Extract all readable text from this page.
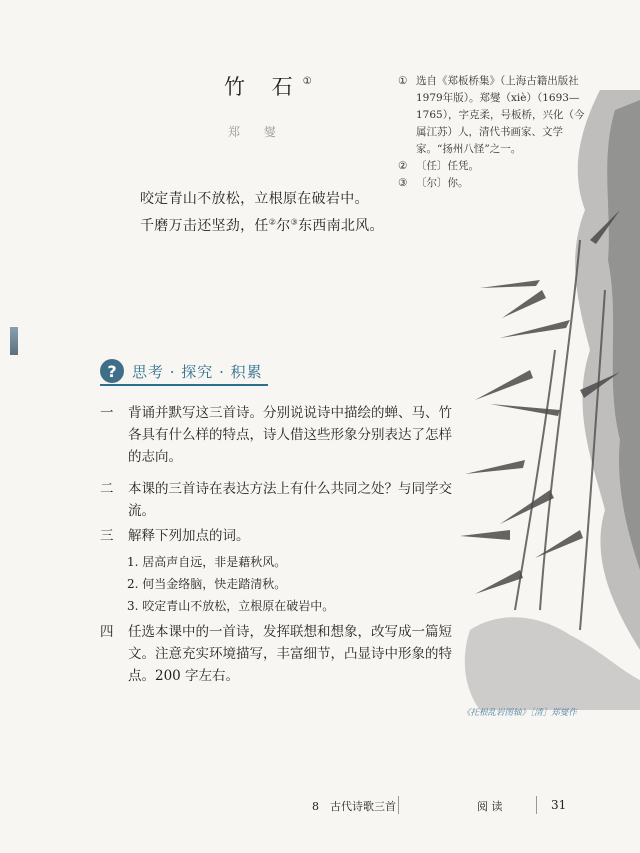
竹 石①
郑 燮
咬定青山不放松，立根原在破岩中。
千磨万击还坚劲，任②尔③东西南北风。
① 选自《郑板桥集》（上海古籍出版社1979年版）。郑燮（xiè）（1693—1765），字克柔，号板桥，兴化（今属江苏）人，清代书画家、文学家。“扬州八怪”之一。
② 〔任〕任凭。
③ 〔尔〕你。
?	思考 · 探究 · 积累
一 背诵并默写这三首诗。分别说说诗中描绘的蝉、马、竹各具有什么样的特点，诗人借这些形象分别表达了怎样的志向。
二 本课的三首诗在表达方法上有什么共同之处？与同学交流。
三 解释下列加点的词。
1. 居高声自远，非是藉秋风。
2. 何当金络脑，快走踏清秋。
3. 咬定青山不放松，立根原在破岩中。
四 任选本课中的一首诗，发挥联想和想象，改写成一篇短文。注意充实环境描写，丰富细节，凸显诗中形象的特点。200 字左右。
《托根乱岩图轴》［清］郑燮作
8　古代诗歌三首	阅 读	31
